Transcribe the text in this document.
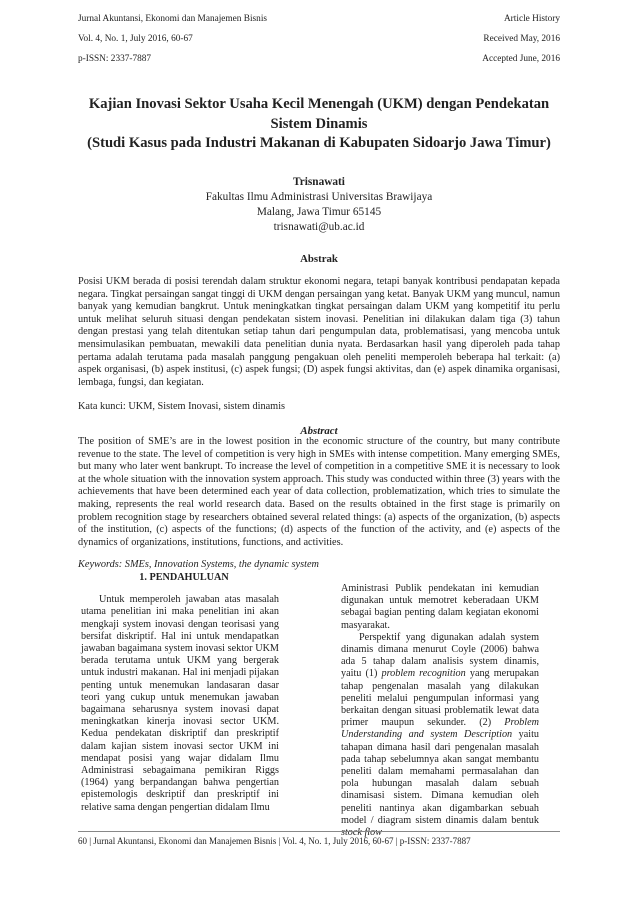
Jurnal Akuntansi, Ekonomi dan Manajemen Bisnis
Vol. 4, No. 1, July 2016, 60-67
p-ISSN: 2337-7887
Article History
Received May, 2016
Accepted June, 2016
Kajian Inovasi Sektor Usaha Kecil Menengah (UKM) dengan Pendekatan
Sistem Dinamis
(Studi Kasus pada Industri Makanan di Kabupaten Sidoarjo Jawa Timur)
Trisnawati
Fakultas Ilmu Administrasi Universitas Brawijaya
Malang, Jawa Timur 65145
trisnawati@ub.ac.id
Abstrak
Posisi UKM berada di posisi terendah dalam struktur ekonomi negara, tetapi banyak kontribusi pendapatan kepada negara. Tingkat persaingan sangat tinggi di UKM dengan persaingan yang ketat. Banyak UKM yang muncul, namun banyak yang kemudian bangkrut. Untuk meningkatkan tingkat persaingan dalam UKM yang kompetitif itu perlu untuk melihat seluruh situasi dengan pendekatan sistem inovasi. Penelitian ini dilakukan dalam tiga (3) tahun dengan prestasi yang telah ditentukan setiap tahun dari pengumpulan data, problematisasi, yang mencoba untuk mensimulasikan pembuatan, mewakili data penelitian dunia nyata. Berdasarkan hasil yang diperoleh pada tahap pertama adalah terutama pada masalah panggung pengakuan oleh peneliti memperoleh beberapa hal terkait: (a) aspek organisasi, (b) aspek institusi, (c) aspek fungsi; (D) aspek fungsi aktivitas, dan (e) aspek dinamika organisasi, lembaga, fungsi, dan kegiatan.
Kata kunci: UKM, Sistem Inovasi, sistem dinamis
Abstract
The position of SME’s are in the lowest position in the economic structure of the country, but many contribute revenue to the state. The level of competition is very high in SMEs with intense competition. Many emerging SMEs, but many who later went bankrupt. To increase the level of competition in a competitive SME it is necessary to look at the whole situation with the innovation system approach. This study was conducted within three (3) years with the achievements that have been determined each year of data collection, problematization, which tries to simulate the making, represents the real world research data. Based on the results obtained in the first stage is primarily on problem recognition stage by researchers obtained several related things: (a) aspects of the organization, (b) aspects of the institution, (c) aspects of the functions; (d) aspects of the function of the activity, and (e) aspects of the dynamics of organizations, institutions, functions, and activities.
Keywords: SMEs, Innovation Systems, the dynamic system
1. PENDAHULUAN

Untuk memperoleh jawaban atas masalah utama penelitian ini maka penelitian ini akan mengkaji system inovasi dengan teorisasi yang bersifat diskriptif. Hal ini untuk mendapatkan jawaban bagaimana system inovasi sektor UKM berada terutama untuk UKM yang bergerak untuk industri makanan. Hal ini menjadi pijakan penting untuk menemukan landasaran dasar teori yang cukup untuk menemukan jawaban bagaimana seharusnya system inovasi dapat meningkatkan kinerja inovasi sector UKM. Kedua pendekatan diskriptif dan preskriptif dalam kajian sistem inovasi sector UKM ini mendapat posisi yang wajar didalam Ilmu Administrasi sebagaimana pemikiran Riggs (1964) yang berpandangan bahwa pengertian epistemologis deskriptif dan preskriptif ini relative sama dengan pengertian didalam Ilmu

Aministrasi Publik pendekatan ini kemudian digunakan untuk memotret keberadaan UKM sebagai bagian penting dalam kegiatan ekonomi masyarakat.

Perspektif yang digunakan adalah system dinamis dimana menurut Coyle (2006) bahwa ada 5 tahap dalam analisis system dinamis, yaitu (1) problem recognition yang merupakan tahap pengenalan masalah yang dilakukan peneliti melalui pengumpulan informasi yang berkaitan dengan situasi problematik lewat data primer maupun sekunder. (2) Problem Understanding and system Description yaitu tahapan dimana hasil dari pengenalan masalah pada tahap sebelumnya akan sangat membantu peneliti dalam memahami permasalahan dan pola hubungan masalah dalam sebuah dinamisasi sistem. Dimana kemudian oleh peneliti nantinya akan digambarkan sebuah model / diagram sistem dinamis dalam bentuk stock flow

60 | Jurnal Akuntansi, Ekonomi dan Manajemen Bisnis | Vol. 4, No. 1, July 2016, 60-67 | p-ISSN: 2337-7887
